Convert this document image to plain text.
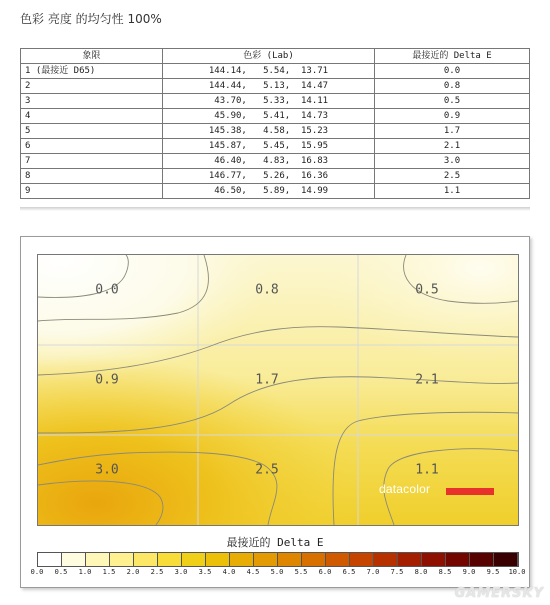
色彩 亮度 的均匀性 100%
象限	色彩 (Lab)	最接近的 Delta E
1 (最接近 D65)	144.14,   5.54,  13.71	0.0
2	144.44,   5.13,  14.47	0.8
3	43.70,   5.33,  14.11	0.5
4	45.90,   5.41,  14.73	0.9
5	145.38,   4.58,  15.23	1.7
6	145.87,   5.45,  15.95	2.1
7	46.40,   4.83,  16.83	3.0
8	146.77,   5.26,  16.36	2.5
9	46.50,   5.89,  14.99	1.1
0.0	0.8	0.5
0.9	1.7	2.1
3.0	2.5	1.1
datacolor
最接近的 Delta E
0.0 0.5 1.0 1.5 2.0 2.5 3.0 3.5 4.0 4.5 5.0 5.5 6.0 6.5 7.0 7.5 8.0 8.5 9.0 9.5 10.0
GAMERSKY
